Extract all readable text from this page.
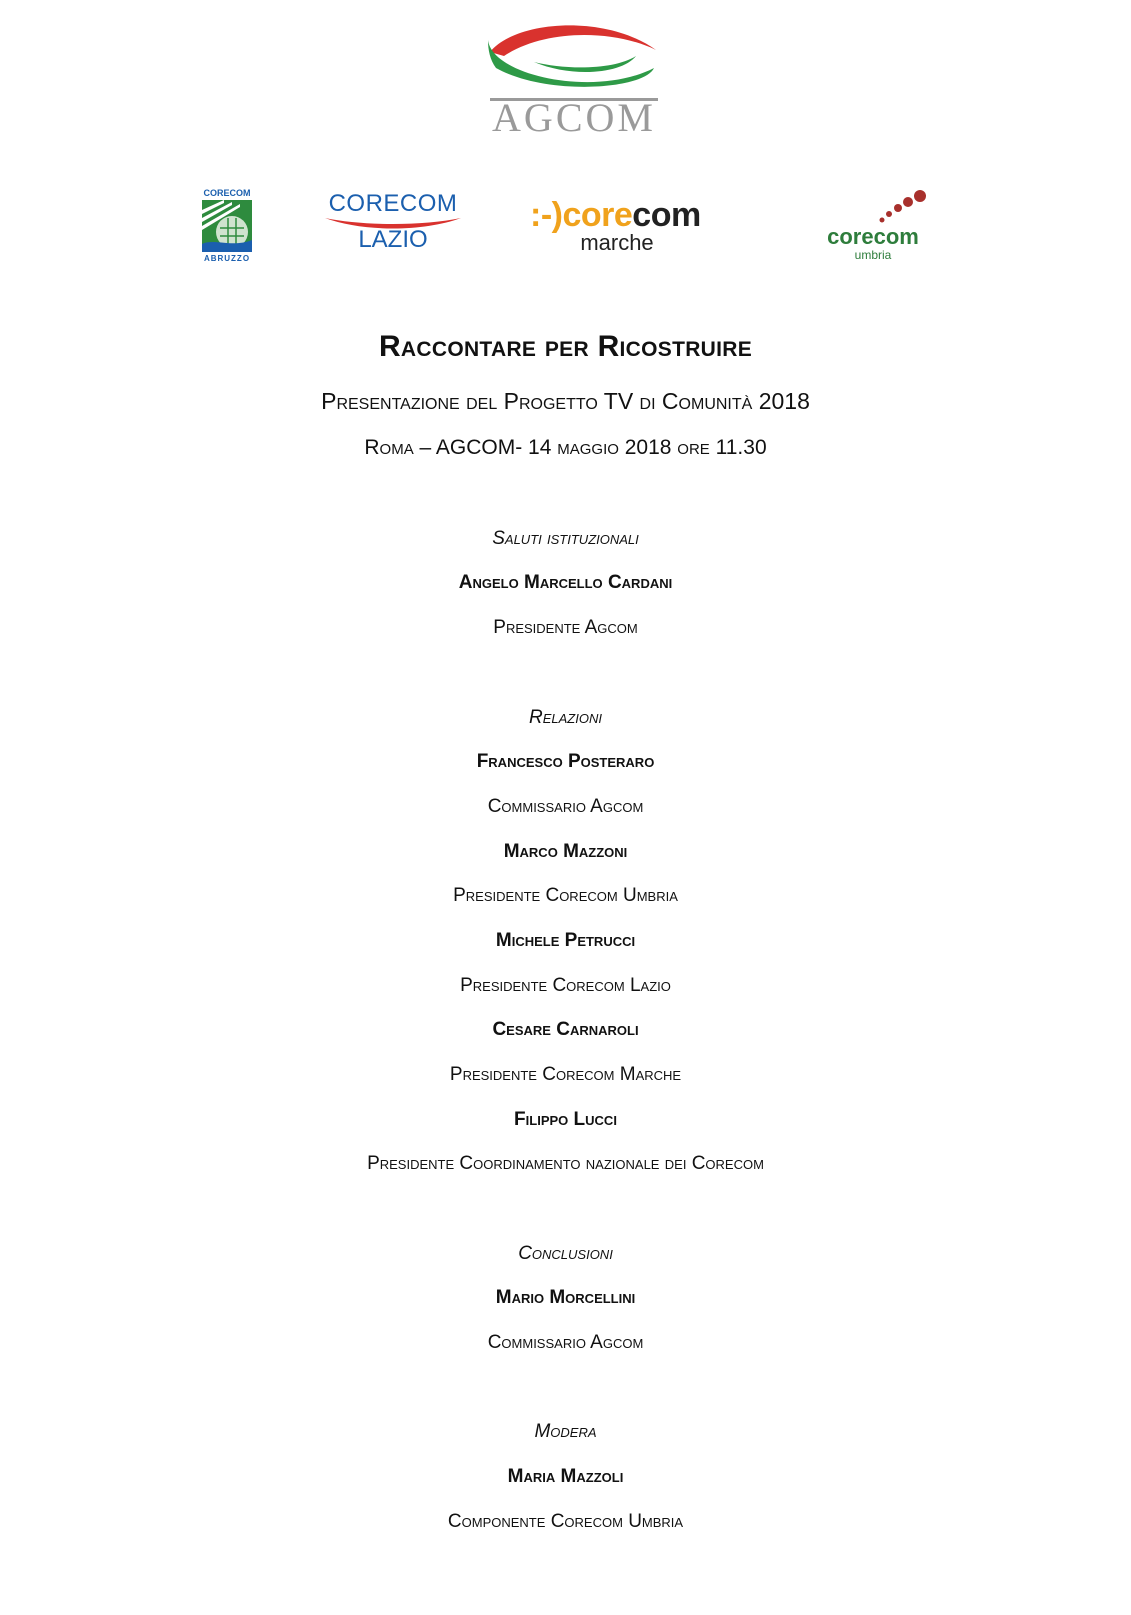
AGCOM
CORECOM
ABRUZZO
CORECOM
LAZIO
:-)corecom
marche	corecom
umbria
Raccontare per Ricostruire
Presentazione del Progetto TV di Comunità 2018
Roma – AGCOM- 14 maggio 2018 ore 11.30
Saluti istituzionali
Angelo Marcello Cardani
Presidente Agcom
Relazioni
Francesco Posteraro
Commissario Agcom
Marco Mazzoni
Presidente Corecom Umbria
Michele Petrucci
Presidente Corecom Lazio
Cesare Carnaroli
Presidente Corecom Marche
Filippo Lucci
Presidente Coordinamento nazionale dei Corecom
Conclusioni
Mario Morcellini
Commissario Agcom
Modera
Maria Mazzoli
Componente Corecom Umbria
